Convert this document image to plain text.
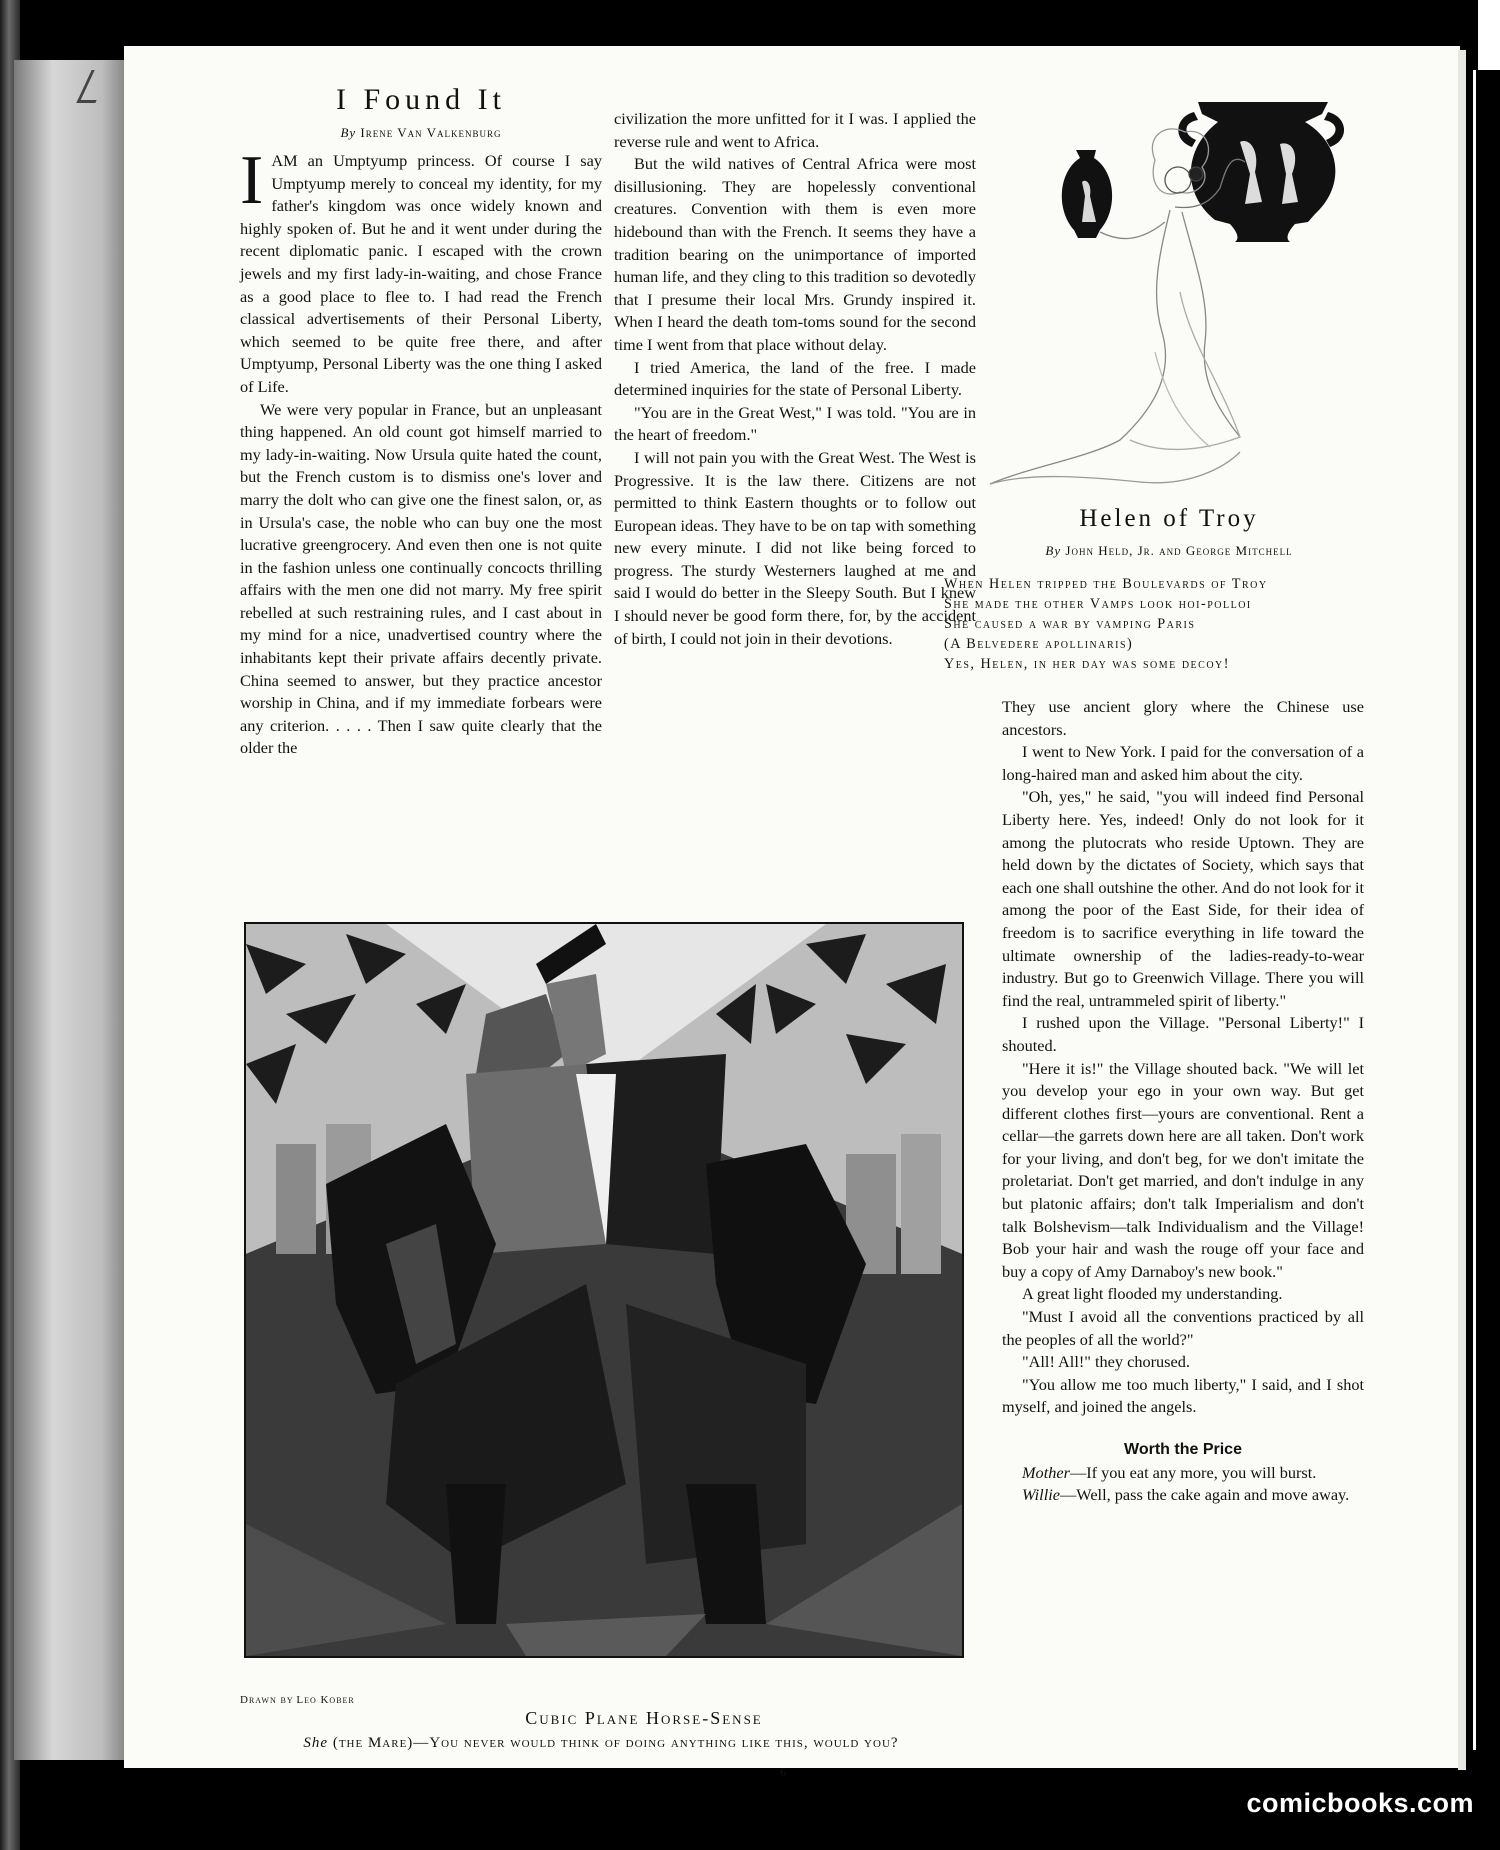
I Found It
By Irene Van Valkenburg

IAM an Umptyump princess. Of course I say Umptyump merely to conceal my identity, for my father's kingdom was once widely known and highly spoken of. But he and it went under during the recent diplomatic panic. I escaped with the crown jewels and my first lady-in-waiting, and chose France as a good place to flee to. I had read the French classical advertisements of their Personal Liberty, which seemed to be quite free there, and after Umptyump, Personal Liberty was the one thing I asked of Life.

We were very popular in France, but an unpleasant thing happened. An old count got himself married to my lady-in-waiting. Now Ursula quite hated the count, but the French custom is to dismiss one's lover and marry the dolt who can give one the finest salon, or, as in Ursula's case, the noble who can buy one the most lucrative greengrocery. And even then one is not quite in the fashion unless one continually concocts thrilling affairs with the men one did not marry. My free spirit rebelled at such restraining rules, and I cast about in my mind for a nice, unadvertised country where the inhabitants kept their private affairs decently private. China seemed to answer, but they practice ancestor worship in China, and if my immediate forbears were any criterion. . . . . Then I saw quite clearly that the older the

civilization the more unfitted for it I was. I applied the reverse rule and went to Africa.

But the wild natives of Central Africa were most disillusioning. They are hopelessly conventional creatures. Convention with them is even more hidebound than with the French. It seems they have a tradition bearing on the unimportance of imported human life, and they cling to this tradition so devotedly that I presume their local Mrs. Grundy inspired it. When I heard the death tom-toms sound for the second time I went from that place without delay.

I tried America, the land of the free. I made determined inquiries for the state of Personal Liberty.

"You are in the Great West," I was told. "You are in the heart of freedom."

I will not pain you with the Great West. The West is Progressive. It is the law there. Citizens are not permitted to think Eastern thoughts or to follow out European ideas. They have to be on tap with something new every minute. I did not like being forced to progress. The sturdy Westerners laughed at me and said I would do better in the Sleepy South. But I knew I should never be good form there, for, by the accident of birth, I could not join in their devotions.

Helen of Troy
By John Held, Jr. and George Mitchell
When Helen tripped the Boulevards of Troy
She made the other Vamps look hoi-polloi
She caused a war by vamping Paris
(A Belvedere apollinaris)
Yes, Helen, in her day was some decoy!

They use ancient glory where the Chinese use ancestors.

I went to New York. I paid for the conversation of a long-haired man and asked him about the city.

"Oh, yes," he said, "you will indeed find Personal Liberty here. Yes, indeed! Only do not look for it among the plutocrats who reside Uptown. They are held down by the dictates of Society, which says that each one shall outshine the other. And do not look for it among the poor of the East Side, for their idea of freedom is to sacrifice everything in life toward the ultimate ownership of the ladies-ready-to-wear industry. But go to Greenwich Village. There you will find the real, untrammeled spirit of liberty."

I rushed upon the Village. "Personal Liberty!" I shouted.

"Here it is!" the Village shouted back. "We will let you develop your ego in your own way. But get different clothes first—yours are conventional. Rent a cellar—the garrets down here are all taken. Don't work for your living, and don't beg, for we don't imitate the proletariat. Don't get married, and don't indulge in any but platonic affairs; don't talk Imperialism and don't talk Bolshevism—talk Individualism and the Village! Bob your hair and wash the rouge off your face and buy a copy of Amy Darnaboy's new book."

A great light flooded my understanding.

"Must I avoid all the conventions practiced by all the peoples of all the world?"

"All! All!" they chorused.

"You allow me too much liberty," I said, and I shot myself, and joined the angels.

Worth the Price

Mother—If you eat any more, you will burst.

Willie—Well, pass the cake again and move away.

Drawn by Leo Kober
Cubic Plane Horse-Sense
She (the Mare)—You never would think of doing anything like this, would you?
6
comicbooks.com
